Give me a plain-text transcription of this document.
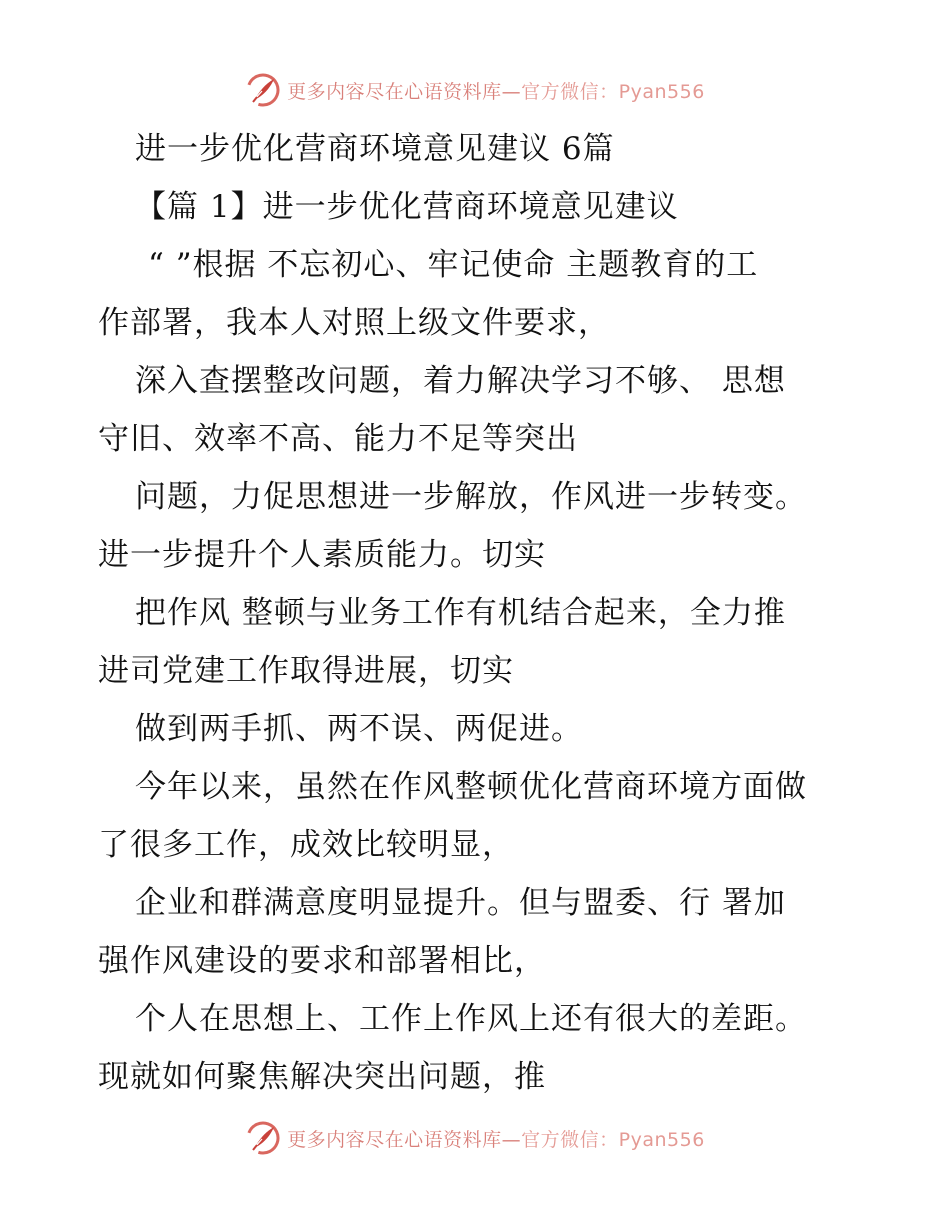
更多内容尽在心语资料库—官方微信：Pyan556
进一步优化营商环境意见建议 6篇
【篇 1】进一步优化营商环境意见建议
“ ”根据 不忘初心、牢记使命 主题教育的工
作部署，我本人对照上级文件要求，
深入查摆整改问题，着力解决学习不够、 思想
守旧、效率不高、能力不足等突出
问题，力促思想进一步解放，作风进一步转变。
进一步提升个人素质能力。切实
把作风 整顿与业务工作有机结合起来，全力推
进司党建工作取得进展，切实
做到两手抓、两不误、两促进。
今年以来，虽然在作风整顿优化营商环境方面做
了很多工作，成效比较明显，
企业和群满意度明显提升。但与盟委、行 署加
强作风建设的要求和部署相比，
个人在思想上、工作上作风上还有很大的差距。
现就如何聚焦解决突出问题，推
更多内容尽在心语资料库—官方微信：Pyan556
